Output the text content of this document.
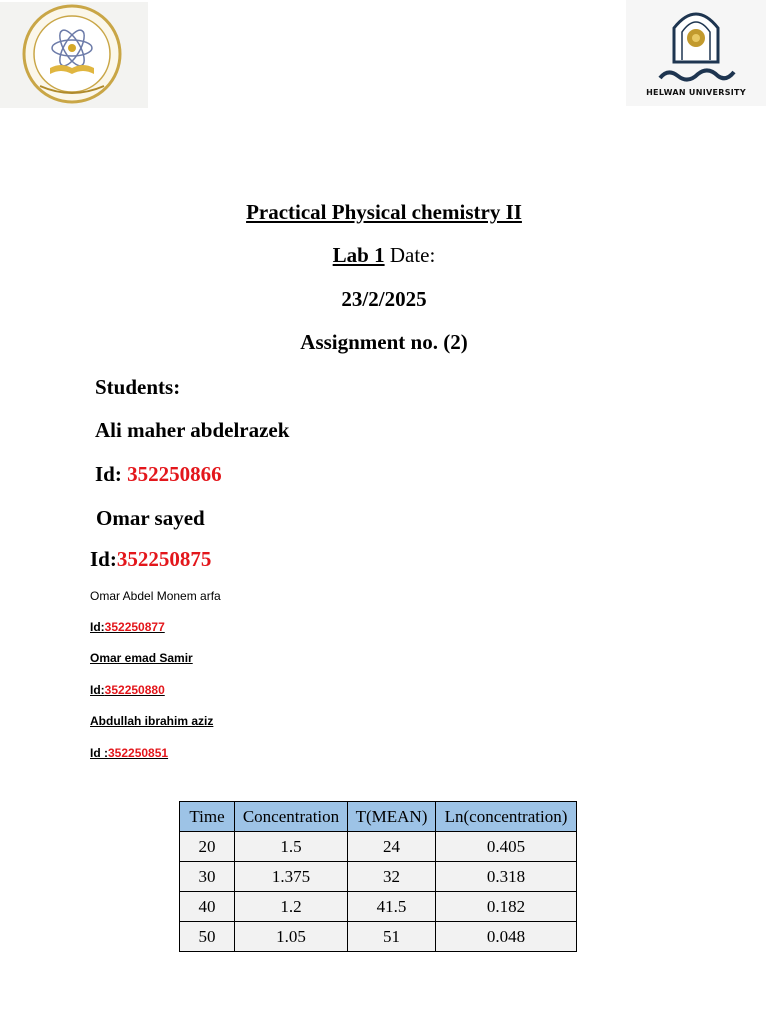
HELWAN UNIVERSITY
Practical Physical chemistry II
Lab 1 Date:
23/2/2025
Assignment no. (2)
Students:
Ali maher abdelrazek
Id: 352250866
Omar sayed
Id:352250875
Omar Abdel Monem arfa
Id:352250877
Omar emad Samir
Id:352250880
Abdullah ibrahim aziz
Id :352250851
Time	Concentration	T(MEAN)	Ln(concentration)
20	1.5	24	0.405
30	1.375	32	0.318
40	1.2	41.5	0.182
50	1.05	51	0.048
